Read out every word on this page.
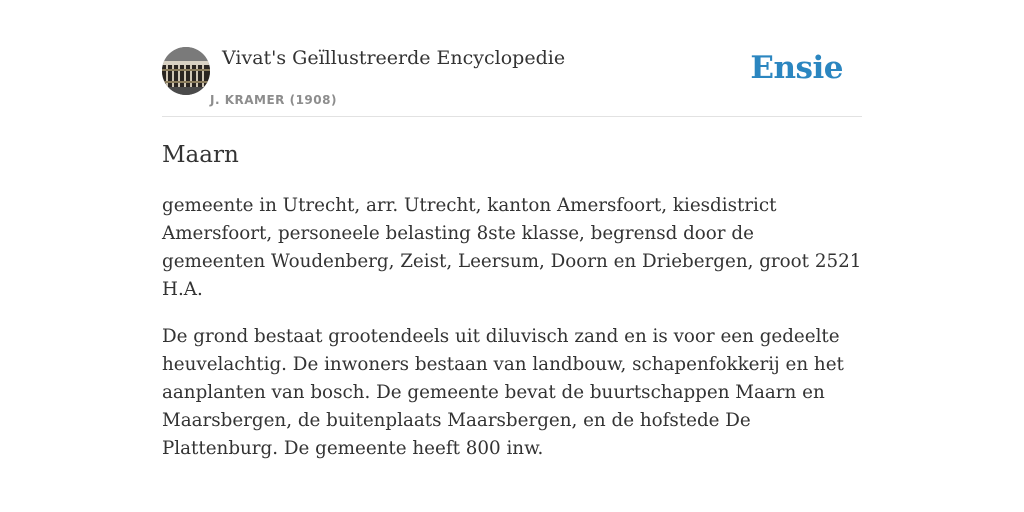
Vivat's Geïllustreerde Encyclopedie
J. KRAMER (1908)
Ensie
Maarn

gemeente in Utrecht, arr. Utrecht, kanton Amersfoort, kiesdistrict Amersfoort, personeele belasting 8ste klasse, begrensd door de gemeenten Woudenberg, Zeist, Leersum, Doorn en Driebergen, groot 2521 H.A.

De grond bestaat grootendeels uit diluvisch zand en is voor een gedeelte heuvelachtig. De inwoners bestaan van landbouw, schapenfokkerij en het aanplanten van bosch. De gemeente bevat de buurtschappen Maarn en Maarsbergen, de buitenplaats Maarsbergen, en de hofstede De Plattenburg. De gemeente heeft 800 inw.
